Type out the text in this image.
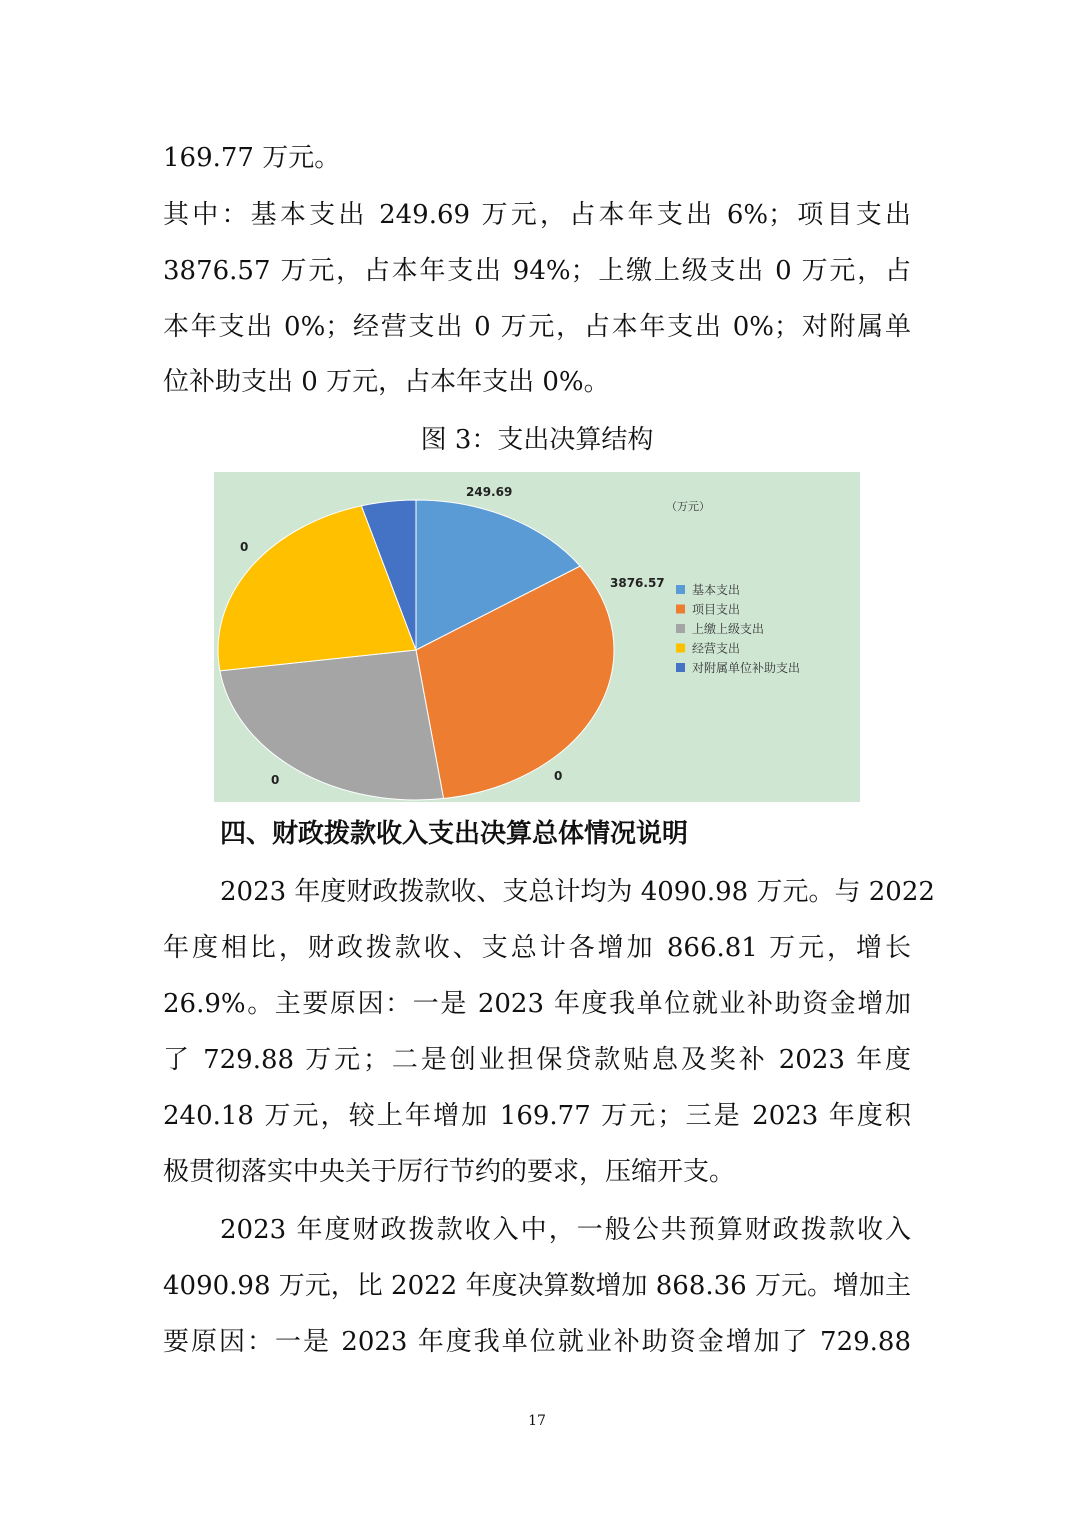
169.77 万元。
其中：基本支出 249.69 万元，占本年支出 6%；项目支出
3876.57 万元，占本年支出 94%；上缴上级支出 0 万元，占
本年支出 0%；经营支出 0 万元，占本年支出 0%；对附属单
位补助支出 0 万元，占本年支出 0%。
图 3：支出决算结构
249.69
3876.57
0
0
0
（万元）
基本支出
项目支出
上缴上级支出
经营支出
对附属单位补助支出
四、财政拨款收入支出决算总体情况说明
2023 年度财政拨款收、支总计均为 4090.98 万元。与 2022
年度相比，财政拨款收、支总计各增加 866.81 万元，增长
26.9%。主要原因：一是 2023 年度我单位就业补助资金增加
了 729.88 万元；二是创业担保贷款贴息及奖补 2023 年度
240.18 万元，较上年增加 169.77 万元；三是 2023 年度积
极贯彻落实中央关于厉行节约的要求，压缩开支。
2023 年度财政拨款收入中，一般公共预算财政拨款收入
4090.98 万元，比 2022 年度决算数增加 868.36 万元。增加主
要原因：一是 2023 年度我单位就业补助资金增加了 729.88
17
